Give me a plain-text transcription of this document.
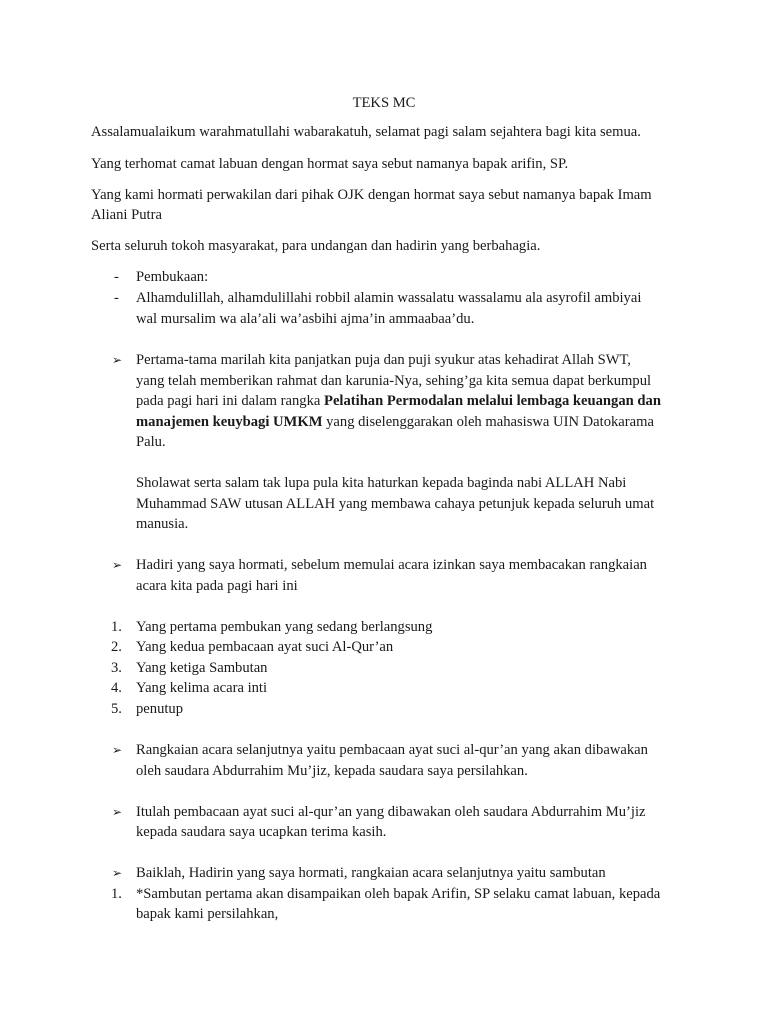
TEKS MC
Assalamualaikum warahmatullahi wabarakatuh, selamat pagi salam sejahtera bagi kita semua.
Yang terhomat camat labuan dengan hormat saya sebut namanya bapak arifin, SP.
Yang kami hormati perwakilan dari pihak OJK dengan hormat saya sebut namanya bapak Imam
Aliani Putra
Serta seluruh tokoh masyarakat, para undangan dan hadirin yang berbahagia.
- Pembukaan:
- Alhamdulillah, alhamdulillahi robbil alamin wassalatu wassalamu ala asyrofil ambiyai
wal mursalim wa ala’ali wa’asbihi ajma’in ammaabaa’du.
➢ Pertama-tama marilah kita panjatkan puja dan puji syukur atas kehadirat Allah SWT,
yang telah memberikan rahmat dan karunia-Nya, sehing’ga kita semua dapat berkumpul
pada pagi hari ini dalam rangka Pelatihan Permodalan melalui lembaga keuangan dan
manajemen keuybagi UMKM yang diselenggarakan oleh mahasiswa UIN Datokarama
Palu.
Sholawat serta salam tak lupa pula kita haturkan kepada baginda nabi ALLAH Nabi
Muhammad SAW utusan ALLAH yang membawa cahaya petunjuk kepada seluruh umat
manusia.
➢ Hadiri yang saya hormati, sebelum memulai acara izinkan saya membacakan rangkaian
acara kita pada pagi hari ini
1. Yang pertama pembukan yang sedang berlangsung
2. Yang kedua pembacaan ayat suci Al-Qur’an
3. Yang ketiga Sambutan
4. Yang kelima acara inti
5. penutup
➢ Rangkaian acara selanjutnya yaitu pembacaan ayat suci al-qur’an yang akan dibawakan
oleh saudara Abdurrahim Mu’jiz, kepada saudara saya persilahkan.
➢ Itulah pembacaan ayat suci al-qur’an yang dibawakan oleh saudara Abdurrahim Mu’jiz
kepada saudara saya ucapkan terima kasih.
➢ Baiklah, Hadirin yang saya hormati, rangkaian acara selanjutnya yaitu sambutan
1. *Sambutan pertama akan disampaikan oleh bapak Arifin, SP selaku camat labuan, kepada
bapak kami persilahkan,
